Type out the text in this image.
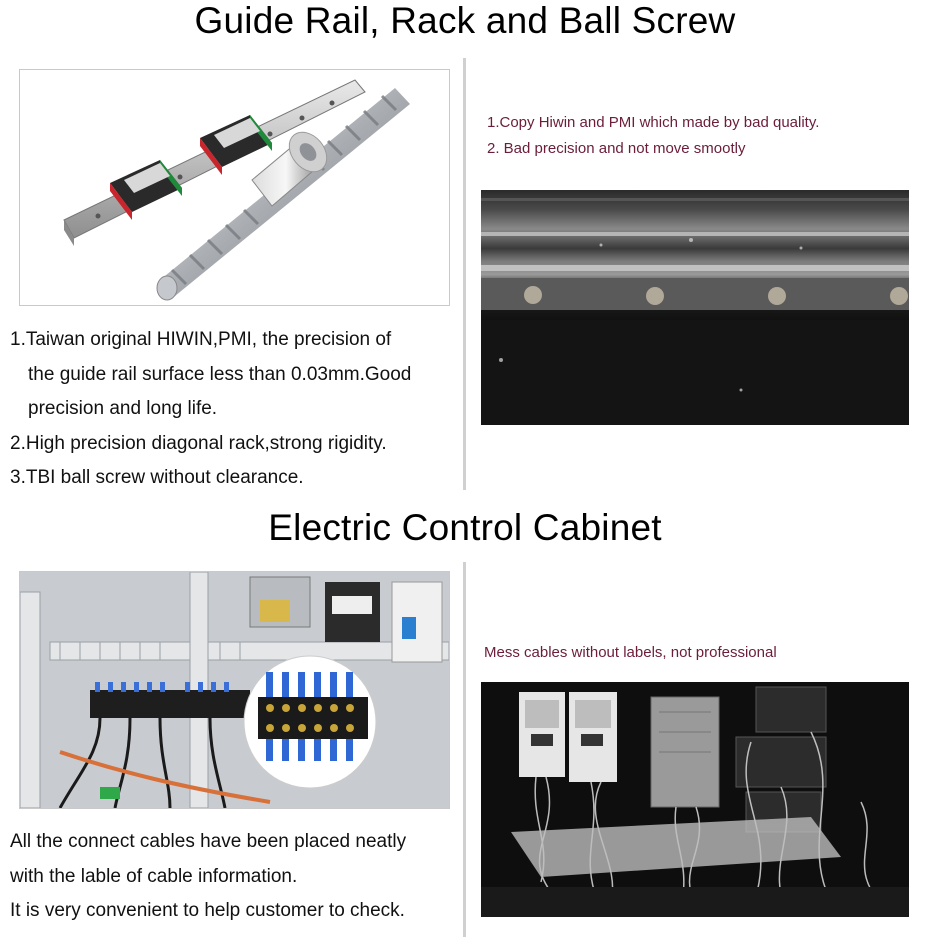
Guide Rail, Rack and Ball Screw
1.Taiwan original HIWIN,PMI, the precision of
the guide rail surface less than 0.03mm.Good
precision and long life.
2.High precision diagonal rack,strong rigidity.
3.TBI ball screw without clearance.
1.Copy Hiwin and PMI which made by bad quality.
2. Bad precision and not move smootly
Electric Control Cabinet
All the connect cables have been placed neatly
with the lable of cable information.
It is very convenient to help customer to check.
Mess cables without labels, not professional
